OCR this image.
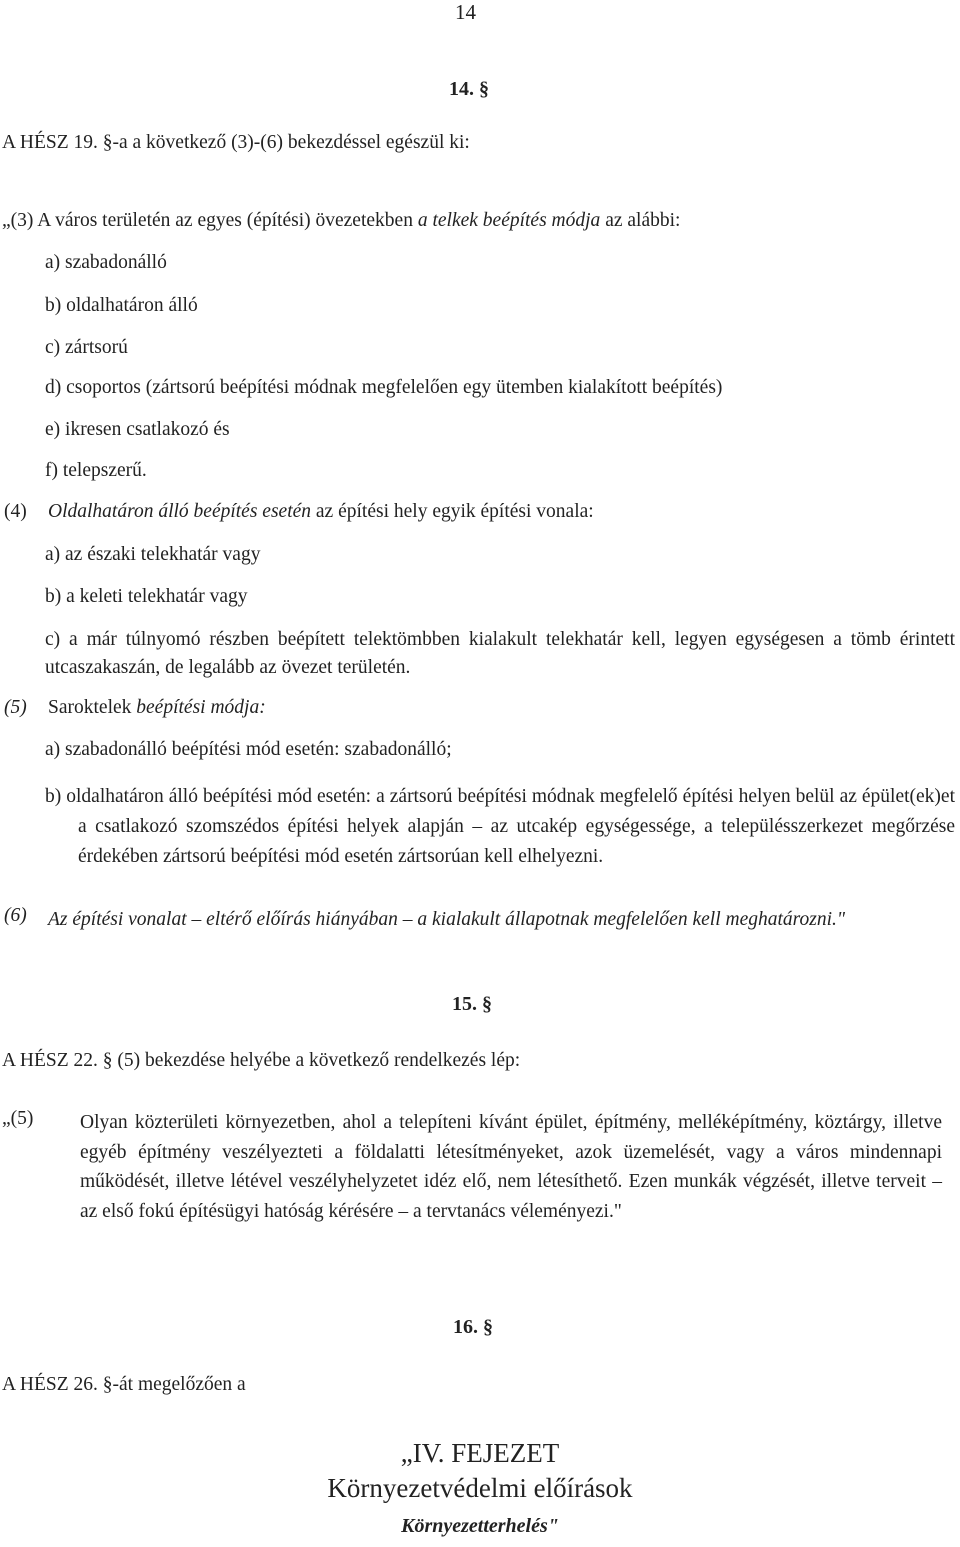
14
14. §
A HÉSZ 19. §-a a következő (3)-(6) bekezdéssel egészül ki:
„(3) A város területén az egyes (építési) övezetekben a telkek beépítés módja az alábbi:
a) szabadonálló
b) oldalhatáron álló
c) zártsorú
d) csoportos (zártsorú beépítési módnak megfelelően egy ütemben kialakított beépítés)
e) ikresen csatlakozó és
f) telepszerű.
(4) Oldalhatáron álló beépítés esetén az építési hely egyik építési vonala:
a) az északi telekhatár vagy
b) a keleti telekhatár vagy
c) a már túlnyomó részben beépített telektömbben kialakult telekhatár kell, legyen egységesen a tömb érintett utcaszakaszán, de legalább az övezet területén.
(5) Saroktelek beépítési módja:
a) szabadonálló beépítési mód esetén: szabadonálló;
b) oldalhatáron álló beépítési mód esetén: a zártsorú beépítési módnak megfelelő építési helyen belül az épület(ek)et a csatlakozó szomszédos építési helyek alapján – az utcakép egységessége, a településszerkezet megőrzése érdekében zártsorú beépítési mód esetén zártsorúan kell elhelyezni.
(6) Az építési vonalat – eltérő előírás hiányában – a kialakult állapotnak megfelelően kell meghatározni."
15. §
A HÉSZ 22. § (5) bekezdése helyébe a következő rendelkezés lép:
„(5) Olyan közterületi környezetben, ahol a telepíteni kívánt épület, építmény, melléképítmény, köztárgy, illetve egyéb építmény veszélyezteti a földalatti létesítményeket, azok üzemelését, vagy a város mindennapi működését, illetve létével veszélyhelyzetet idéz elő, nem létesíthető. Ezen munkák végzését, illetve terveit – az első fokú építésügyi hatóság kérésére – a tervtanács véleményezi."
16. §
A HÉSZ 26. §-át megelőzően a
„IV. FEJEZET
Környezetvédelmi előírások
Környezetterhelés"
